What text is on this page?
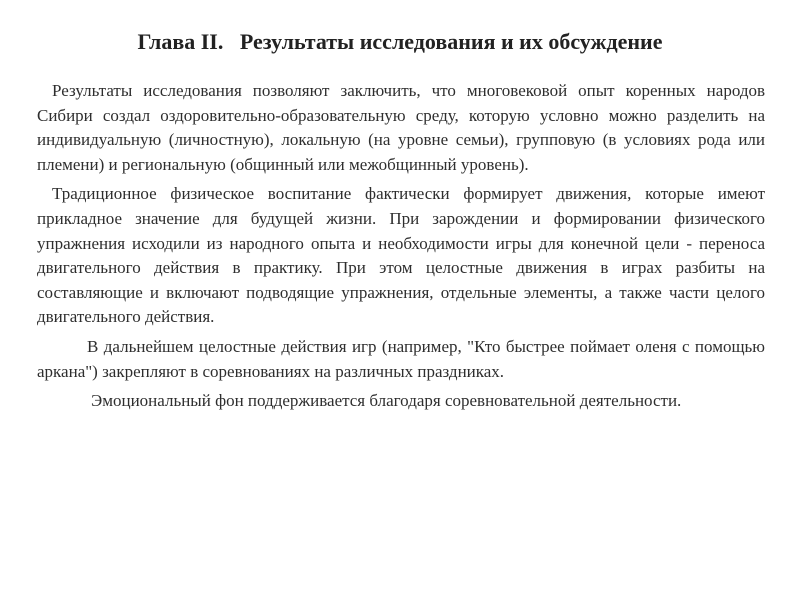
Глава II.   Результаты исследования и их обсуждение

Результаты исследования позволяют заключить, что многовековой опыт коренных народов Сибири создал оздоровительно-образовательную среду, которую условно можно разделить на индивидуальную (личностную), локальную (на уровне семьи), групповую (в условиях рода или племени) и региональную (общинный или межобщинный уровень).

Традиционное физическое воспитание фактически формирует движения, которые имеют прикладное значение для будущей жизни. При зарождении и формировании физического упражнения исходили из народного опыта и необходимости игры для конечной цели - переноса двигательного действия в практику. При этом целостные движения в играх разбиты на составляющие и включают подводящие упражнения, отдельные элементы, а также части целого двигательного действия.

В дальнейшем целостные действия игр (например, "Кто быстрее поймает оленя с помощью аркана") закрепляют в соревнованиях на различных праздниках.

Эмоциональный фон поддерживается благодаря соревновательной деятельности.
